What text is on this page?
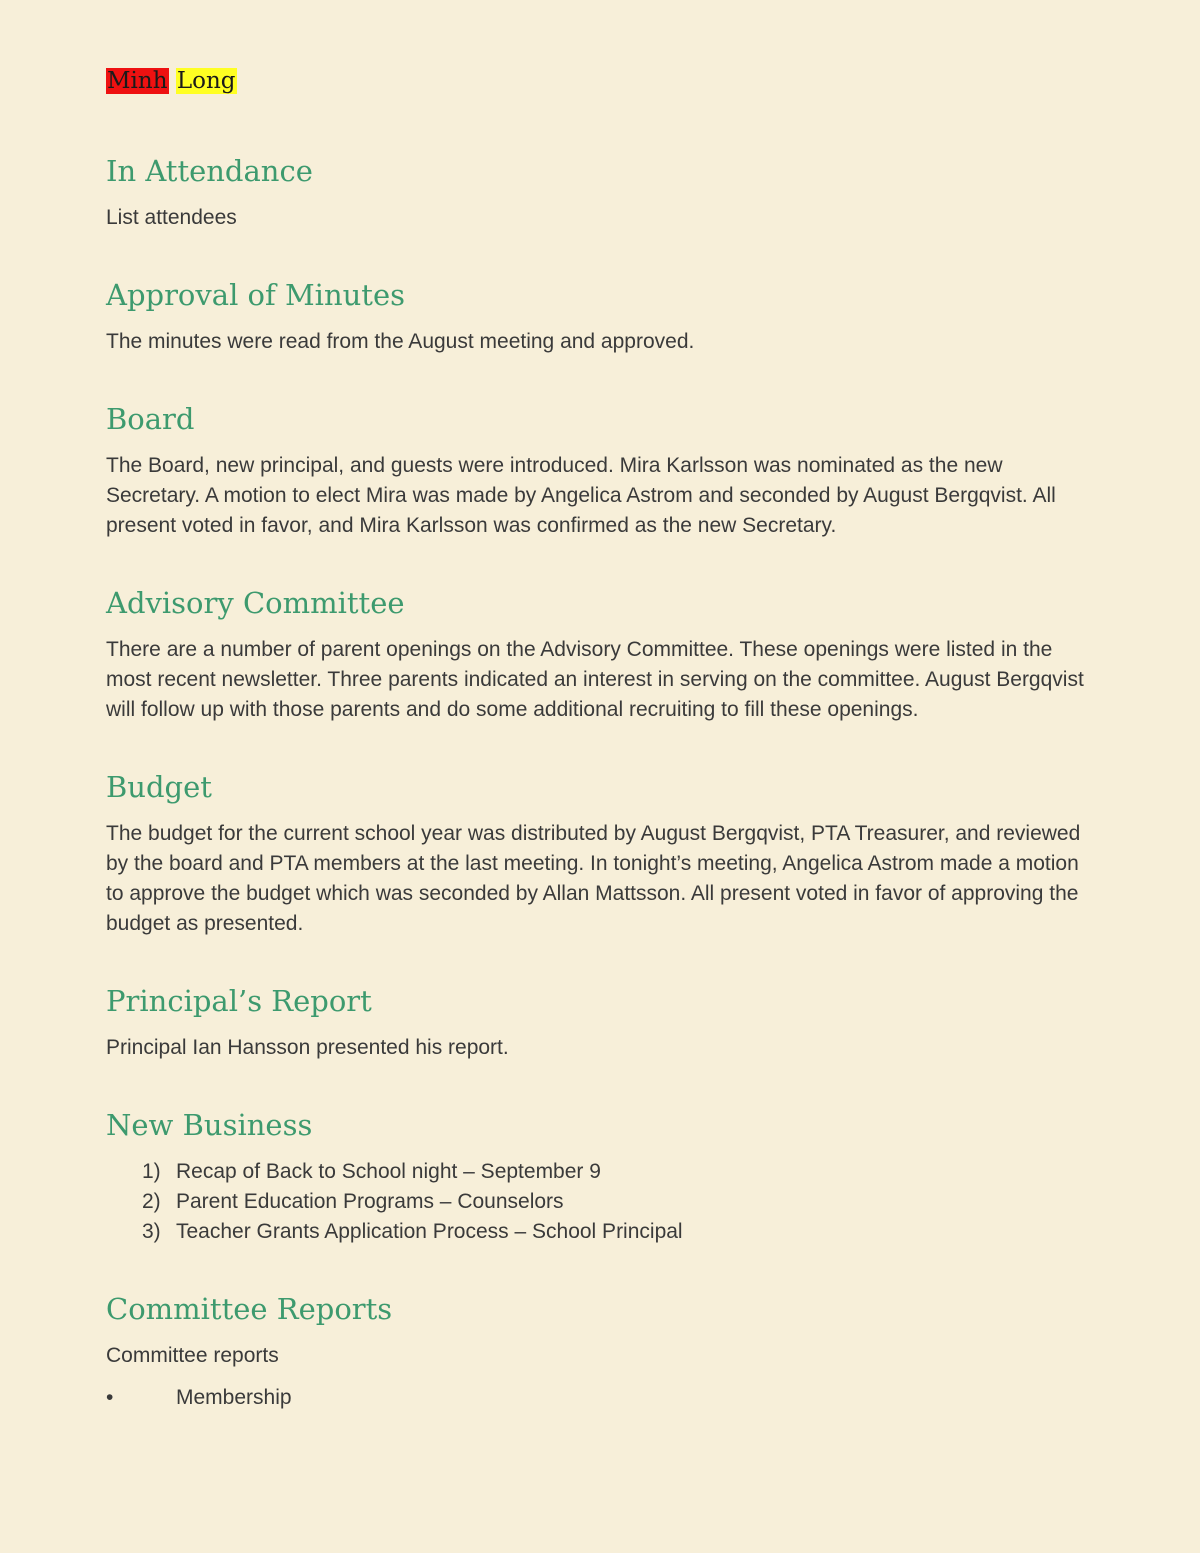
Minh Long

In Attendance

List attendees

Approval of Minutes

The minutes were read from the August meeting and approved.

Board

The Board, new principal, and guests were introduced. Mira Karlsson was nominated as the new Secretary. A motion to elect Mira was made by Angelica Astrom and seconded by August Bergqvist. All present voted in favor, and Mira Karlsson was confirmed as the new Secretary.

Advisory Committee

There are a number of parent openings on the Advisory Committee. These openings were listed in the most recent newsletter. Three parents indicated an interest in serving on the committee. August Bergqvist will follow up with those parents and do some additional recruiting to fill these openings.

Budget

The budget for the current school year was distributed by August Bergqvist, PTA Treasurer, and reviewed by the board and PTA members at the last meeting. In tonight’s meeting, Angelica Astrom made a motion to approve the budget which was seconded by Allan Mattsson. All present voted in favor of approving the budget as presented.

Principal’s Report

Principal Ian Hansson presented his report.

New Business
1) Recap of Back to School night – September 9
2) Parent Education Programs – Counselors
3) Teacher Grants Application Process – School Principal
Committee Reports

Committee reports

•	Membership
